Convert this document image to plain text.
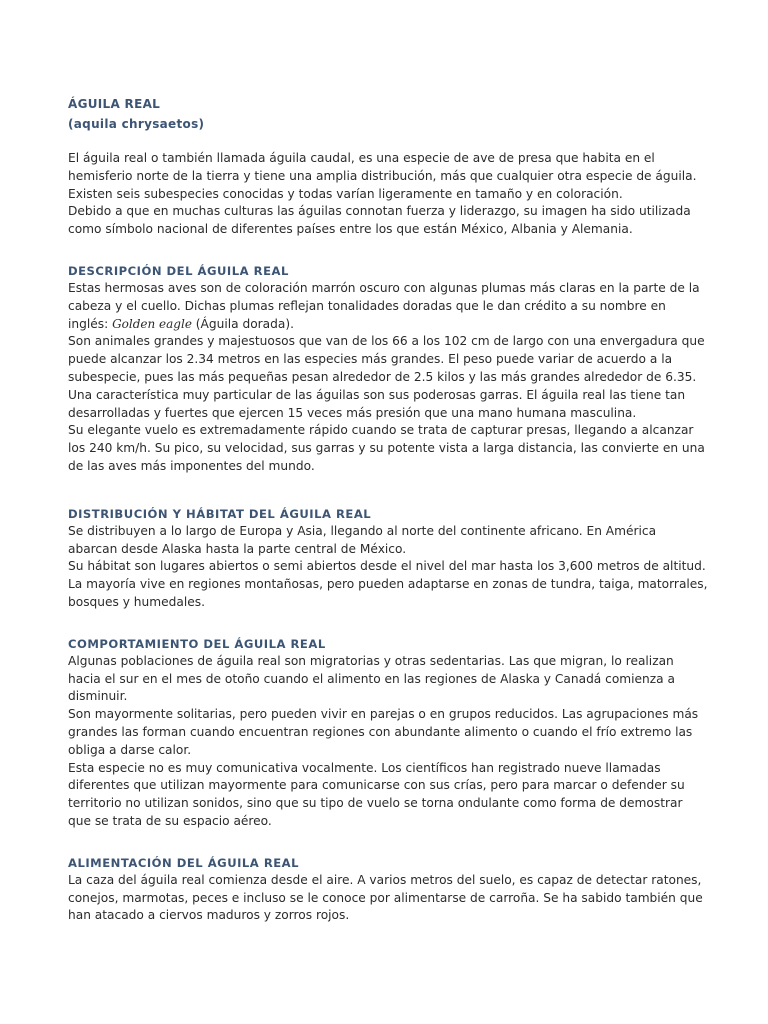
ÁGUILA REAL

(aquila chrysaetos)

El águila real o también llamada águila caudal, es una especie de ave de presa que habita en el hemisferio norte de la tierra y tiene una amplia distribución, más que cualquier otra especie de águila. Existen seis subespecies conocidas y todas varían ligeramente en tamaño y en coloración.

Debido a que en muchas culturas las águilas connotan fuerza y liderazgo, su imagen ha sido utilizada como símbolo nacional de diferentes países entre los que están México, Albania y Alemania.

DESCRIPCIÓN DEL ÁGUILA REAL

Estas hermosas aves son de coloración marrón oscuro con algunas plumas más claras en la parte de la cabeza y el cuello. Dichas plumas reflejan tonalidades doradas que le dan crédito a su nombre en inglés: Golden eagle (Águila dorada).

Son animales grandes y majestuosos que van de los 66 a los 102 cm de largo con una envergadura que puede alcanzar los 2.34 metros en las especies más grandes. El peso puede variar de acuerdo a la subespecie, pues las más pequeñas pesan alrededor de 2.5 kilos y las más grandes alrededor de 6.35.

Una característica muy particular de las águilas son sus poderosas garras. El águila real las tiene tan desarrolladas y fuertes que ejercen 15 veces más presión que una mano humana masculina.

Su elegante vuelo es extremadamente rápido cuando se trata de capturar presas, llegando a alcanzar los 240 km/h. Su pico, su velocidad, sus garras y su potente vista a larga distancia, las convierte en una de las aves más imponentes del mundo.

DISTRIBUCIÓN Y HÁBITAT DEL ÁGUILA REAL

Se distribuyen a lo largo de Europa y Asia, llegando al norte del continente africano. En América abarcan desde Alaska hasta la parte central de México.

Su hábitat son lugares abiertos o semi abiertos desde el nivel del mar hasta los 3,600 metros de altitud. La mayoría vive en regiones montañosas, pero pueden adaptarse en zonas de tundra, taiga, matorrales, bosques y humedales.

COMPORTAMIENTO DEL ÁGUILA REAL

Algunas poblaciones de águila real son migratorias y otras sedentarias. Las que migran, lo realizan hacia el sur en el mes de otoño cuando el alimento en las regiones de Alaska y Canadá comienza a disminuir.

Son mayormente solitarias, pero pueden vivir en parejas o en grupos reducidos. Las agrupaciones más grandes las forman cuando encuentran regiones con abundante alimento o cuando el frío extremo las obliga a darse calor.

Esta especie no es muy comunicativa vocalmente. Los científicos han registrado nueve llamadas diferentes que utilizan mayormente para comunicarse con sus crías, pero para marcar o defender su territorio no utilizan sonidos, sino que su tipo de vuelo se torna ondulante como forma de demostrar que se trata de su espacio aéreo.

ALIMENTACIÓN DEL ÁGUILA REAL

La caza del águila real comienza desde el aire. A varios metros del suelo, es capaz de detectar ratones, conejos, marmotas, peces e incluso se le conoce por alimentarse de carroña. Se ha sabido también que han atacado a ciervos maduros y zorros rojos.
